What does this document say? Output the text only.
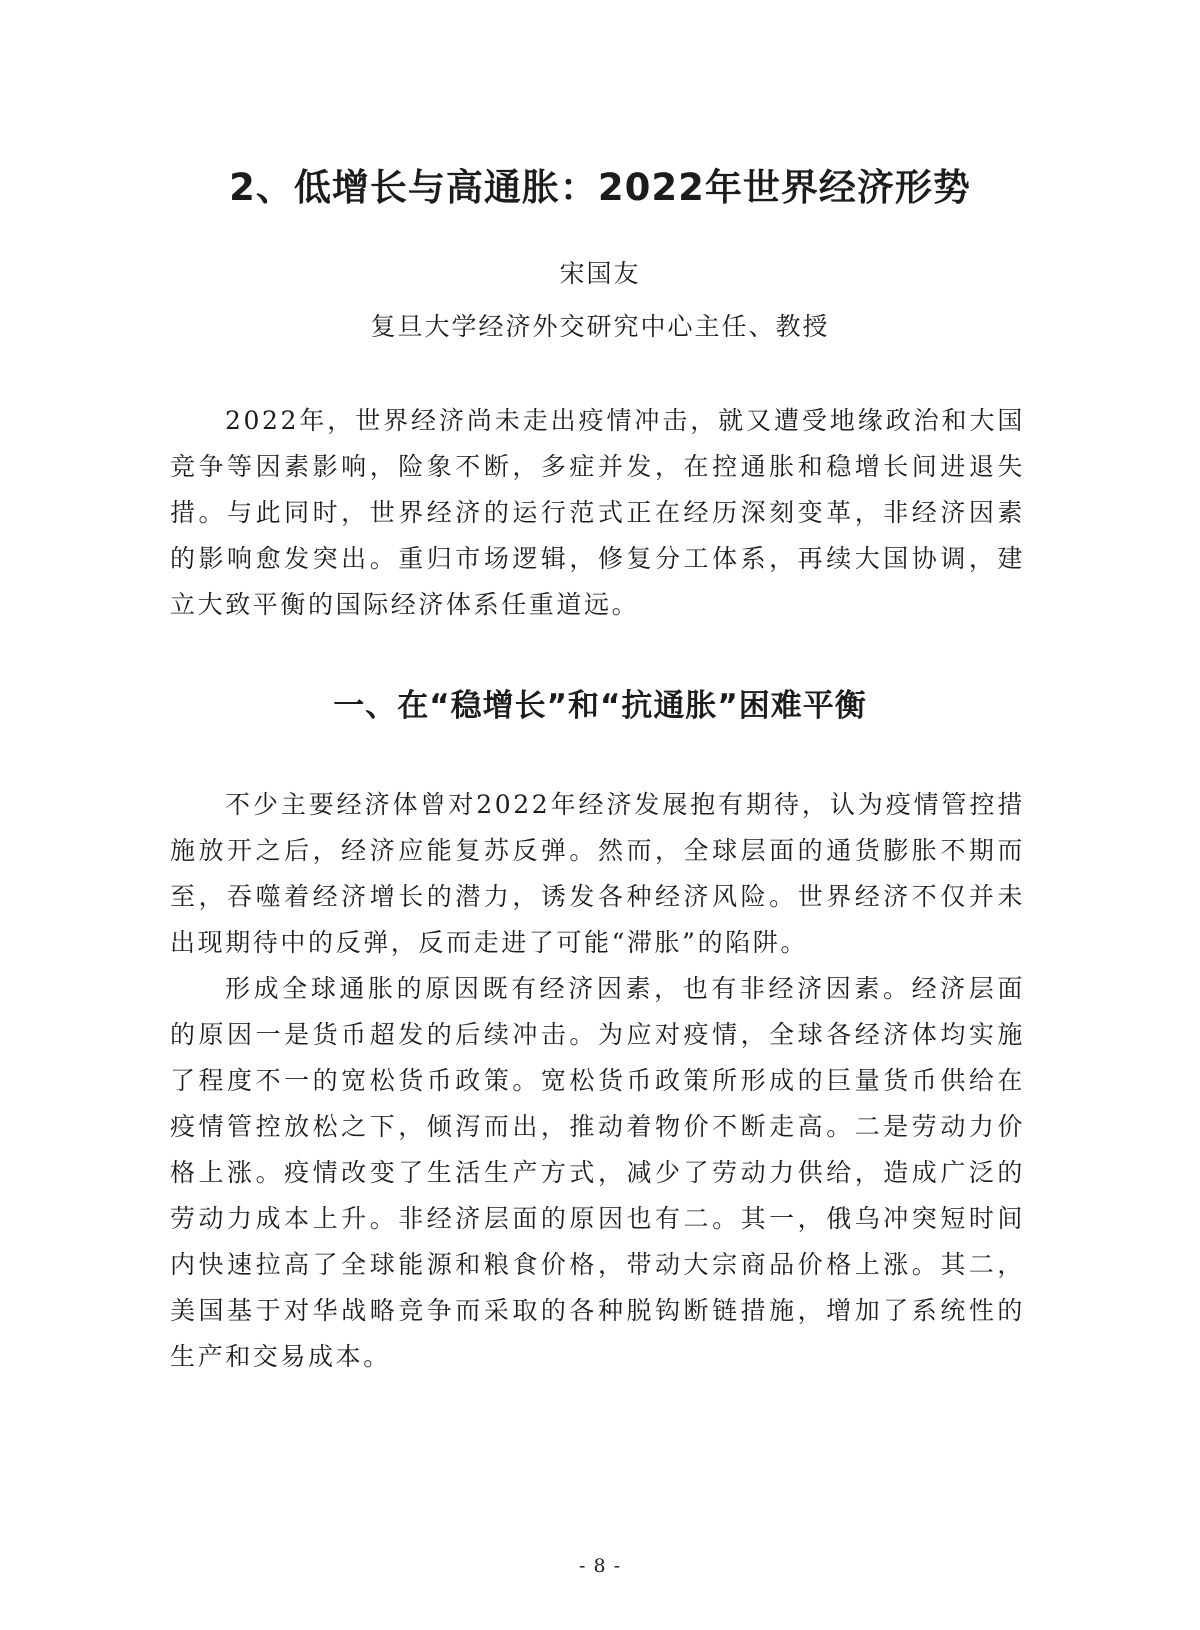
2、低增长与高通胀：2022年世界经济形势
宋国友
复旦大学经济外交研究中心主任、教授

2022年，世界经济尚未走出疫情冲击，就又遭受地缘政治和大国竞争等因素影响，险象不断，多症并发，在控通胀和稳增长间进退失措。与此同时，世界经济的运行范式正在经历深刻变革，非经济因素的影响愈发突出。重归市场逻辑，修复分工体系，再续大国协调，建立大致平衡的国际经济体系任重道远。

一、在“稳增长”和“抗通胀”困难平衡

不少主要经济体曾对2022年经济发展抱有期待，认为疫情管控措施放开之后，经济应能复苏反弹。然而，全球层面的通货膨胀不期而至，吞噬着经济增长的潜力，诱发各种经济风险。世界经济不仅并未出现期待中的反弹，反而走进了可能“滞胀”的陷阱。

形成全球通胀的原因既有经济因素，也有非经济因素。经济层面的原因一是货币超发的后续冲击。为应对疫情，全球各经济体均实施了程度不一的宽松货币政策。宽松货币政策所形成的巨量货币供给在疫情管控放松之下，倾泻而出，推动着物价不断走高。二是劳动力价格上涨。疫情改变了生活生产方式，减少了劳动力供给，造成广泛的劳动力成本上升。非经济层面的原因也有二。其一，俄乌冲突短时间内快速拉高了全球能源和粮食价格，带动大宗商品价格上涨。其二，美国基于对华战略竞争而采取的各种脱钩断链措施，增加了系统性的生产和交易成本。

- 8 -
